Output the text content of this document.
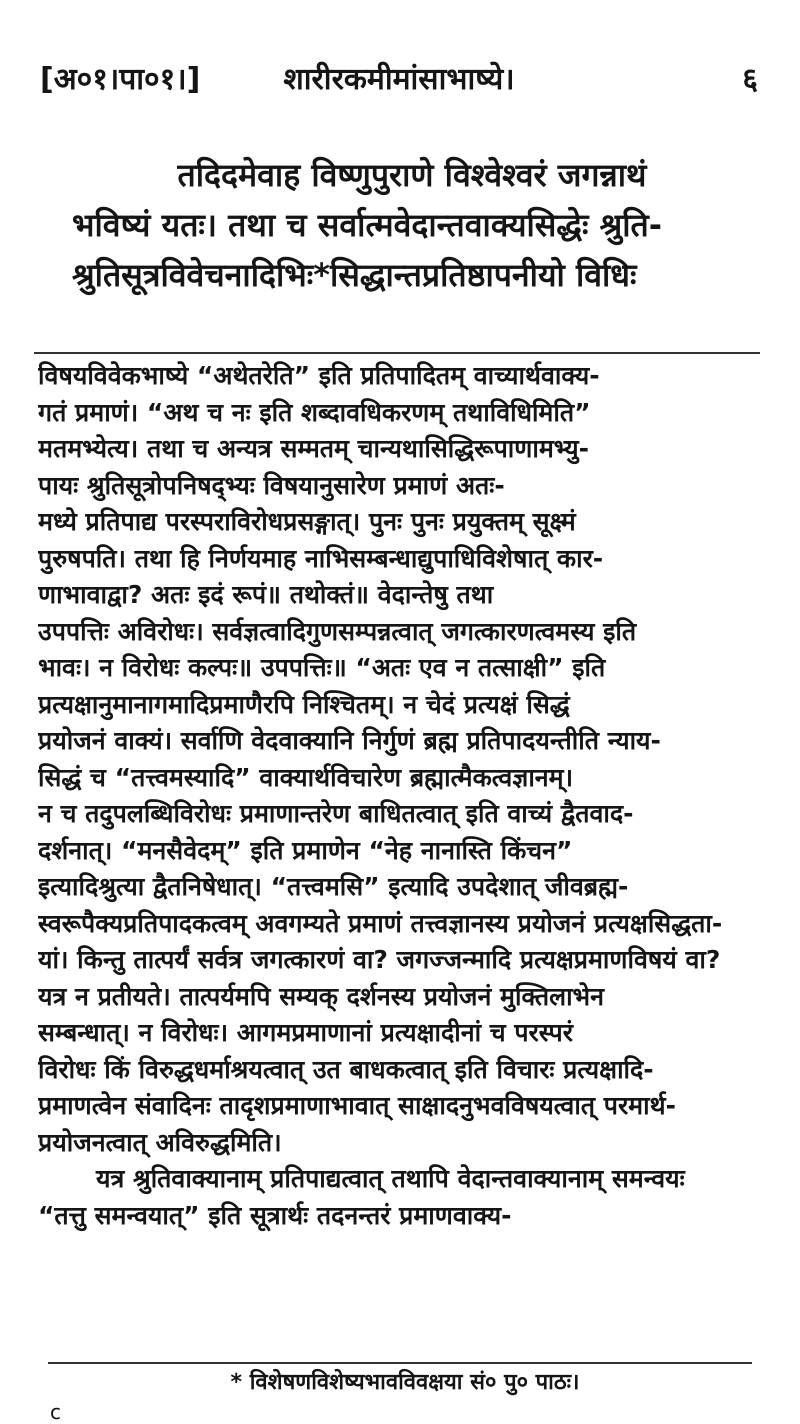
[अ०१।पा०१।]	शारीरकमीमांसाभाष्ये।	६
तदिदमेवाह विष्णुपुराणे विश्वेश्वरं जगन्नाथं
भविष्यं यतः। तथा च सर्वात्मवेदान्तवाक्यसिद्धेः श्रुति-
श्रुतिसूत्रविवेचनादिभिः*सिद्धान्तप्रतिष्ठापनीयो विधिः
विषयविवेकभाष्ये “अथेतरेति” इति प्रतिपादितम् वाच्यार्थवाक्य-
गतं प्रमाणं। “अथ च नः इति शब्दावधिकरणम् तथाविधिमिति”
मतमभ्येत्य। तथा च अन्यत्र सम्मतम् चान्यथासिद्धिरूपाणामभ्यु-
पायः श्रुतिसूत्रोपनिषद्भ्यः विषयानुसारेण प्रमाणं अतः-
मध्ये प्रतिपाद्य परस्पराविरोधप्रसङ्गात्। पुनः पुनः प्रयुक्तम् सूक्ष्मं
पुरुषपति। तथा हि निर्णयमाह नाभिसम्बन्धाद्युपाधिविशेषात् कार-
णाभावाद्वा? अतः इदं रूपं॥ तथोक्तं॥ वेदान्तेषु तथा
उपपत्तिः अविरोधः। सर्वज्ञत्वादिगुणसम्पन्नत्वात् जगत्कारणत्वमस्य इति
भावः। न विरोधः कल्पः॥ उपपत्तिः॥ “अतः एव न तत्साक्षी” इति
प्रत्यक्षानुमानागमादिप्रमाणैरपि निश्चितम्। न चेदं प्रत्यक्षं सिद्धं
प्रयोजनं वाक्यं। सर्वाणि वेदवाक्यानि निर्गुणं ब्रह्म प्रतिपादयन्तीति न्याय-
सिद्धं च “तत्त्वमस्यादि” वाक्यार्थविचारेण ब्रह्मात्मैकत्वज्ञानम्।
न च तदुपलब्धिविरोधः प्रमाणान्तरेण बाधितत्वात् इति वाच्यं द्वैतवाद-
दर्शनात्। “मनसैवेदम्” इति प्रमाणेन “नेह नानास्ति किंचन”
इत्यादिश्रुत्या द्वैतनिषेधात्। “तत्त्वमसि” इत्यादि उपदेशात् जीवब्रह्म-
स्वरूपैक्यप्रतिपादकत्वम् अवगम्यते प्रमाणं तत्त्वज्ञानस्य प्रयोजनं प्रत्यक्षसिद्धता-
यां। किन्तु तात्पर्यं सर्वत्र जगत्कारणं वा? जगज्जन्मादि प्रत्यक्षप्रमाणविषयं वा?
यत्र न प्रतीयते। तात्पर्यमपि सम्यक् दर्शनस्य प्रयोजनं मुक्तिलाभेन
सम्बन्धात्। न विरोधः। आगमप्रमाणानां प्रत्यक्षादीनां च परस्परं
विरोधः किं विरुद्धधर्माश्रयत्वात् उत बाधकत्वात् इति विचारः प्रत्यक्षादि-
प्रमाणत्वेन संवादिनः तादृशप्रमाणाभावात् साक्षादनुभवविषयत्वात् परमार्थ-
प्रयोजनत्वात् अविरुद्धमिति।
यत्र श्रुतिवाक्यानाम् प्रतिपाद्यत्वात् तथापि वेदान्तवाक्यानाम् समन्वयः
“तत्तु समन्वयात्” इति सूत्रार्थः तदनन्तरं प्रमाणवाक्य-
* विशेषणविशेष्यभावविवक्षया सं० पु० पाठः।
c
